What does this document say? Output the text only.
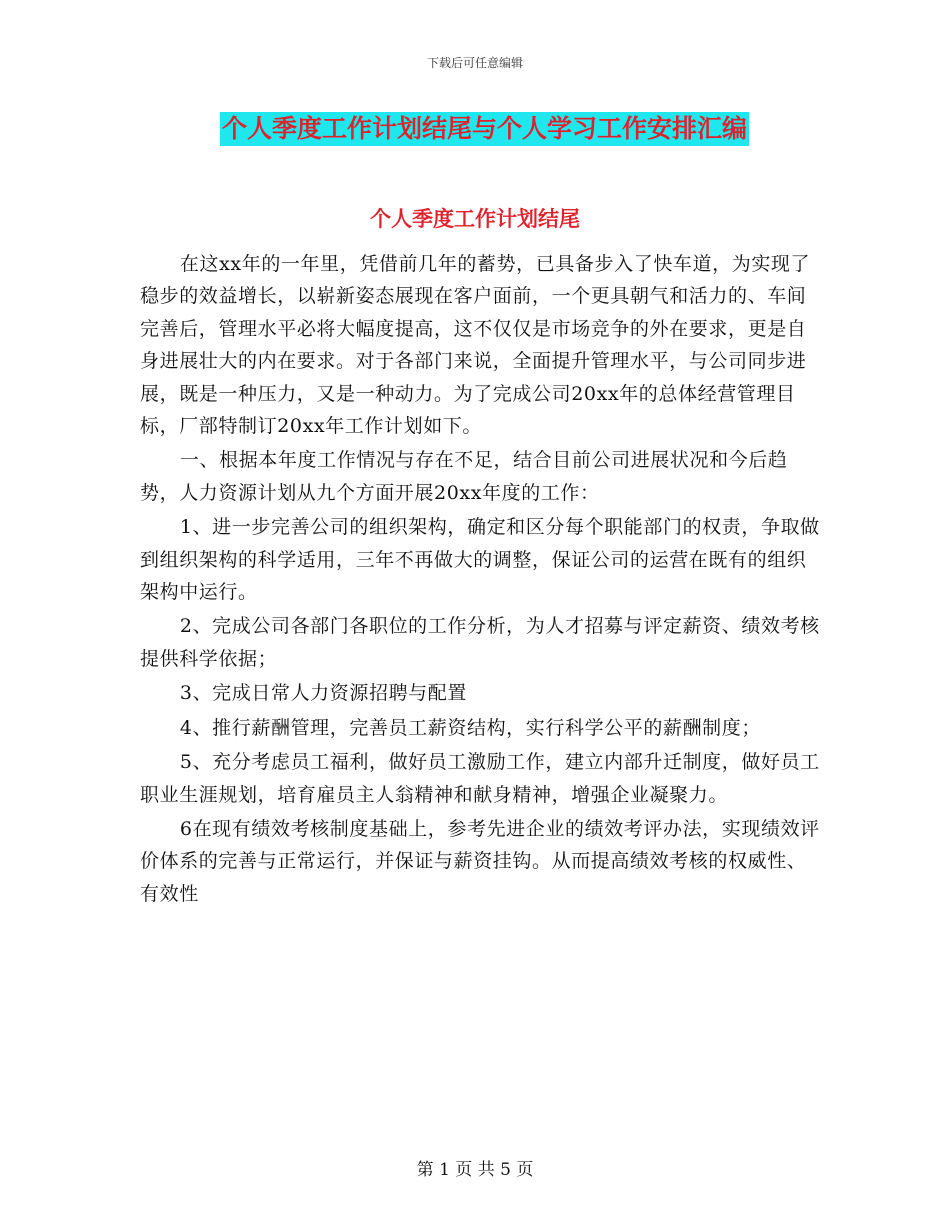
下载后可任意编辑
个人季度工作计划结尾与个人学习工作安排汇编
个人季度工作计划结尾

在这xx年的一年里，凭借前几年的蓄势，已具备步入了快车道，为实现了稳步的效益增长，以崭新姿态展现在客户面前，一个更具朝气和活力的、车间完善后，管理水平必将大幅度提高，这不仅仅是市场竞争的外在要求，更是自身进展壮大的内在要求。对于各部门来说，全面提升管理水平，与公司同步进展，既是一种压力，又是一种动力。为了完成公司20xx年的总体经营管理目标，厂部特制订20xx年工作计划如下。

一、根据本年度工作情况与存在不足，结合目前公司进展状况和今后趋势，人力资源计划从九个方面开展20xx年度的工作：

1、进一步完善公司的组织架构，确定和区分每个职能部门的权责，争取做到组织架构的科学适用，三年不再做大的调整，保证公司的运营在既有的组织架构中运行。

2、完成公司各部门各职位的工作分析，为人才招募与评定薪资、绩效考核提供科学依据；

3、完成日常人力资源招聘与配置

4、推行薪酬管理，完善员工薪资结构，实行科学公平的薪酬制度；

5、充分考虑员工福利，做好员工激励工作，建立内部升迁制度，做好员工职业生涯规划，培育雇员主人翁精神和献身精神，增强企业凝聚力。

6在现有绩效考核制度基础上，参考先进企业的绩效考评办法，实现绩效评价体系的完善与正常运行，并保证与薪资挂钩。从而提高绩效考核的权威性、有效性

第 1 页 共 5 页
